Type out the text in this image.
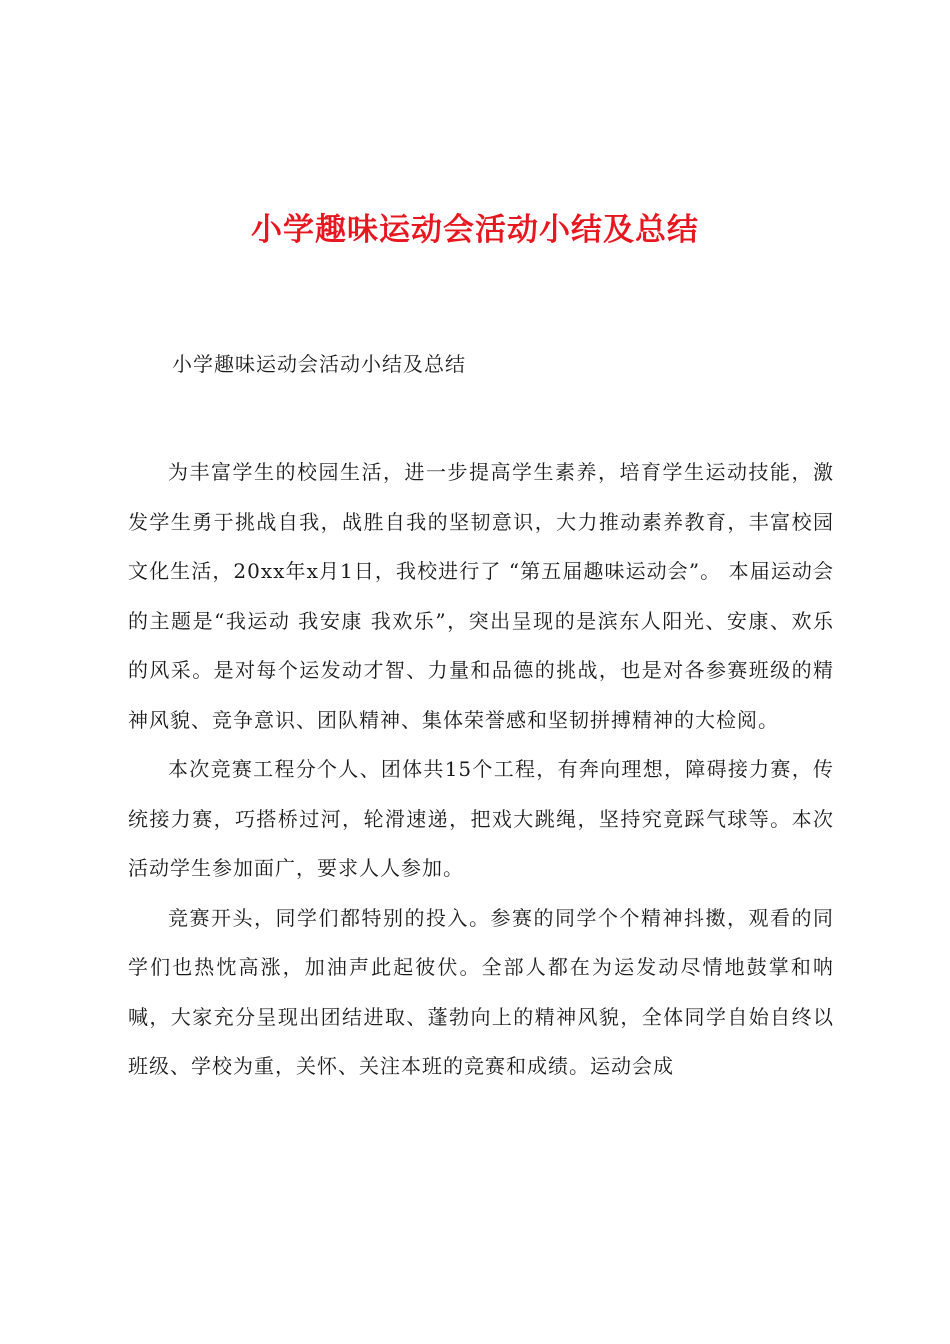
小学趣味运动会活动小结及总结

小学趣味运动会活动小结及总结

为丰富学生的校园生活，进一步提高学生素养，培育学生运动技能，激发学生勇于挑战自我，战胜自我的坚韧意识，大力推动素养教育，丰富校园文化生活，20xx年x月1日，我校进行了 “第五届趣味运动会”。 本届运动会的主题是“我运动 我安康 我欢乐”，突出呈现的是滨东人阳光、安康、欢乐的风采。是对每个运发动才智、力量和品德的挑战，也是对各参赛班级的精神风貌、竞争意识、团队精神、集体荣誉感和坚韧拼搏精神的大检阅。

本次竞赛工程分个人、团体共15个工程，有奔向理想，障碍接力赛，传统接力赛，巧搭桥过河，轮滑速递，把戏大跳绳，坚持究竟踩气球等。本次活动学生参加面广，要求人人参加。

竞赛开头，同学们都特别的投入。参赛的同学个个精神抖擞，观看的同学们也热忱高涨，加油声此起彼伏。全部人都在为运发动尽情地鼓掌和呐喊，大家充分呈现出团结进取、蓬勃向上的精神风貌，全体同学自始自终以班级、学校为重，关怀、关注本班的竞赛和成绩。运动会成
